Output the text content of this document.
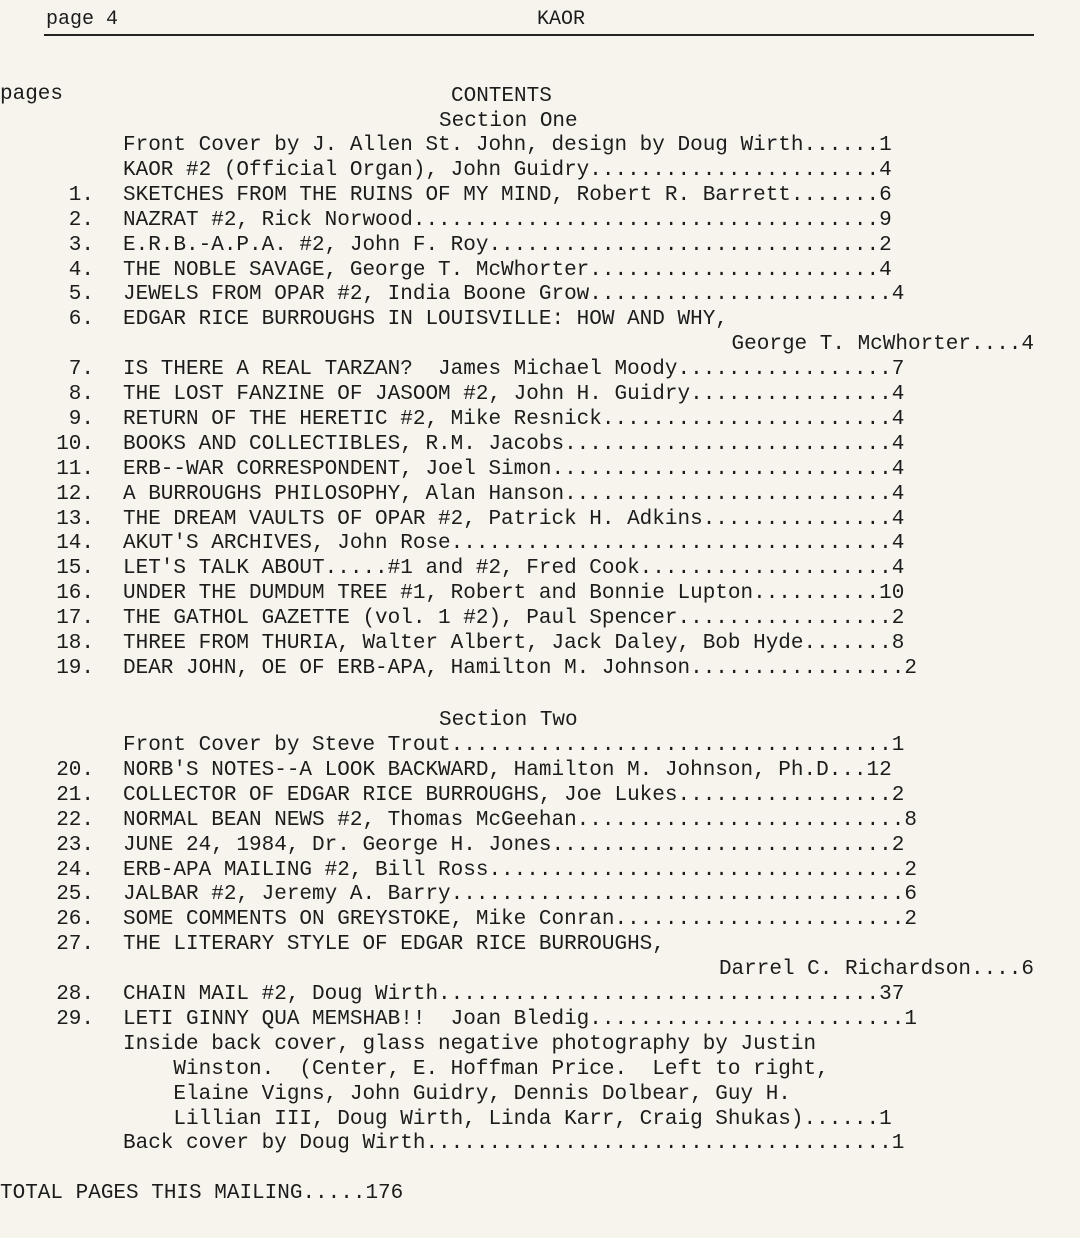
page 4	KAOR
CONTENTS
pages
Section One
Front Cover by J. Allen St. John, design by Doug Wirth......1
KAOR #2 (Official Organ), John Guidry.......................4
1. SKETCHES FROM THE RUINS OF MY MIND, Robert R. Barrett.......6
2. NAZRAT #2, Rick Norwood.....................................9
3. E.R.B.-A.P.A. #2, John F. Roy...............................2
4. THE NOBLE SAVAGE, George T. McWhorter.......................4
5. JEWELS FROM OPAR #2, India Boone Grow........................4
6. EDGAR RICE BURROUGHS IN LOUISVILLE: HOW AND WHY,
George T. McWhorter....4
7. IS THERE A REAL TARZAN?  James Michael Moody.................7
8. THE LOST FANZINE OF JASOOM #2, John H. Guidry................4
9. RETURN OF THE HERETIC #2, Mike Resnick.......................4
10. BOOKS AND COLLECTIBLES, R.M. Jacobs..........................4
11. ERB--WAR CORRESPONDENT, Joel Simon...........................4
12. A BURROUGHS PHILOSOPHY, Alan Hanson..........................4
13. THE DREAM VAULTS OF OPAR #2, Patrick H. Adkins...............4
14. AKUT'S ARCHIVES, John Rose...................................4
15. LET'S TALK ABOUT.....#1 and #2, Fred Cook....................4
16. UNDER THE DUMDUM TREE #1, Robert and Bonnie Lupton..........10
17. THE GATHOL GAZETTE (vol. 1 #2), Paul Spencer.................2
18. THREE FROM THURIA, Walter Albert, Jack Daley, Bob Hyde.......8
19. DEAR JOHN, OE OF ERB-APA, Hamilton M. Johnson.................2
Section Two
Front Cover by Steve Trout...................................1
20. NORB'S NOTES--A LOOK BACKWARD, Hamilton M. Johnson, Ph.D...12
21. COLLECTOR OF EDGAR RICE BURROUGHS, Joe Lukes.................2
22. NORMAL BEAN NEWS #2, Thomas McGeehan..........................8
23. JUNE 24, 1984, Dr. George H. Jones...........................2
24. ERB-APA MAILING #2, Bill Ross.................................2
25. JALBAR #2, Jeremy A. Barry....................................6
26. SOME COMMENTS ON GREYSTOKE, Mike Conran.......................2
27. THE LITERARY STYLE OF EDGAR RICE BURROUGHS,
Darrel C. Richardson....6
28. CHAIN MAIL #2, Doug Wirth...................................37
29. LETI GINNY QUA MEMSHAB!!  Joan Bledig.........................1
Inside back cover, glass negative photography by Justin
Winston.  (Center, E. Hoffman Price.  Left to right,
Elaine Vigns, John Guidry, Dennis Dolbear, Guy H.
Lillian III, Doug Wirth, Linda Karr, Craig Shukas)......1
Back cover by Doug Wirth.....................................1
TOTAL PAGES THIS MAILING.....176
